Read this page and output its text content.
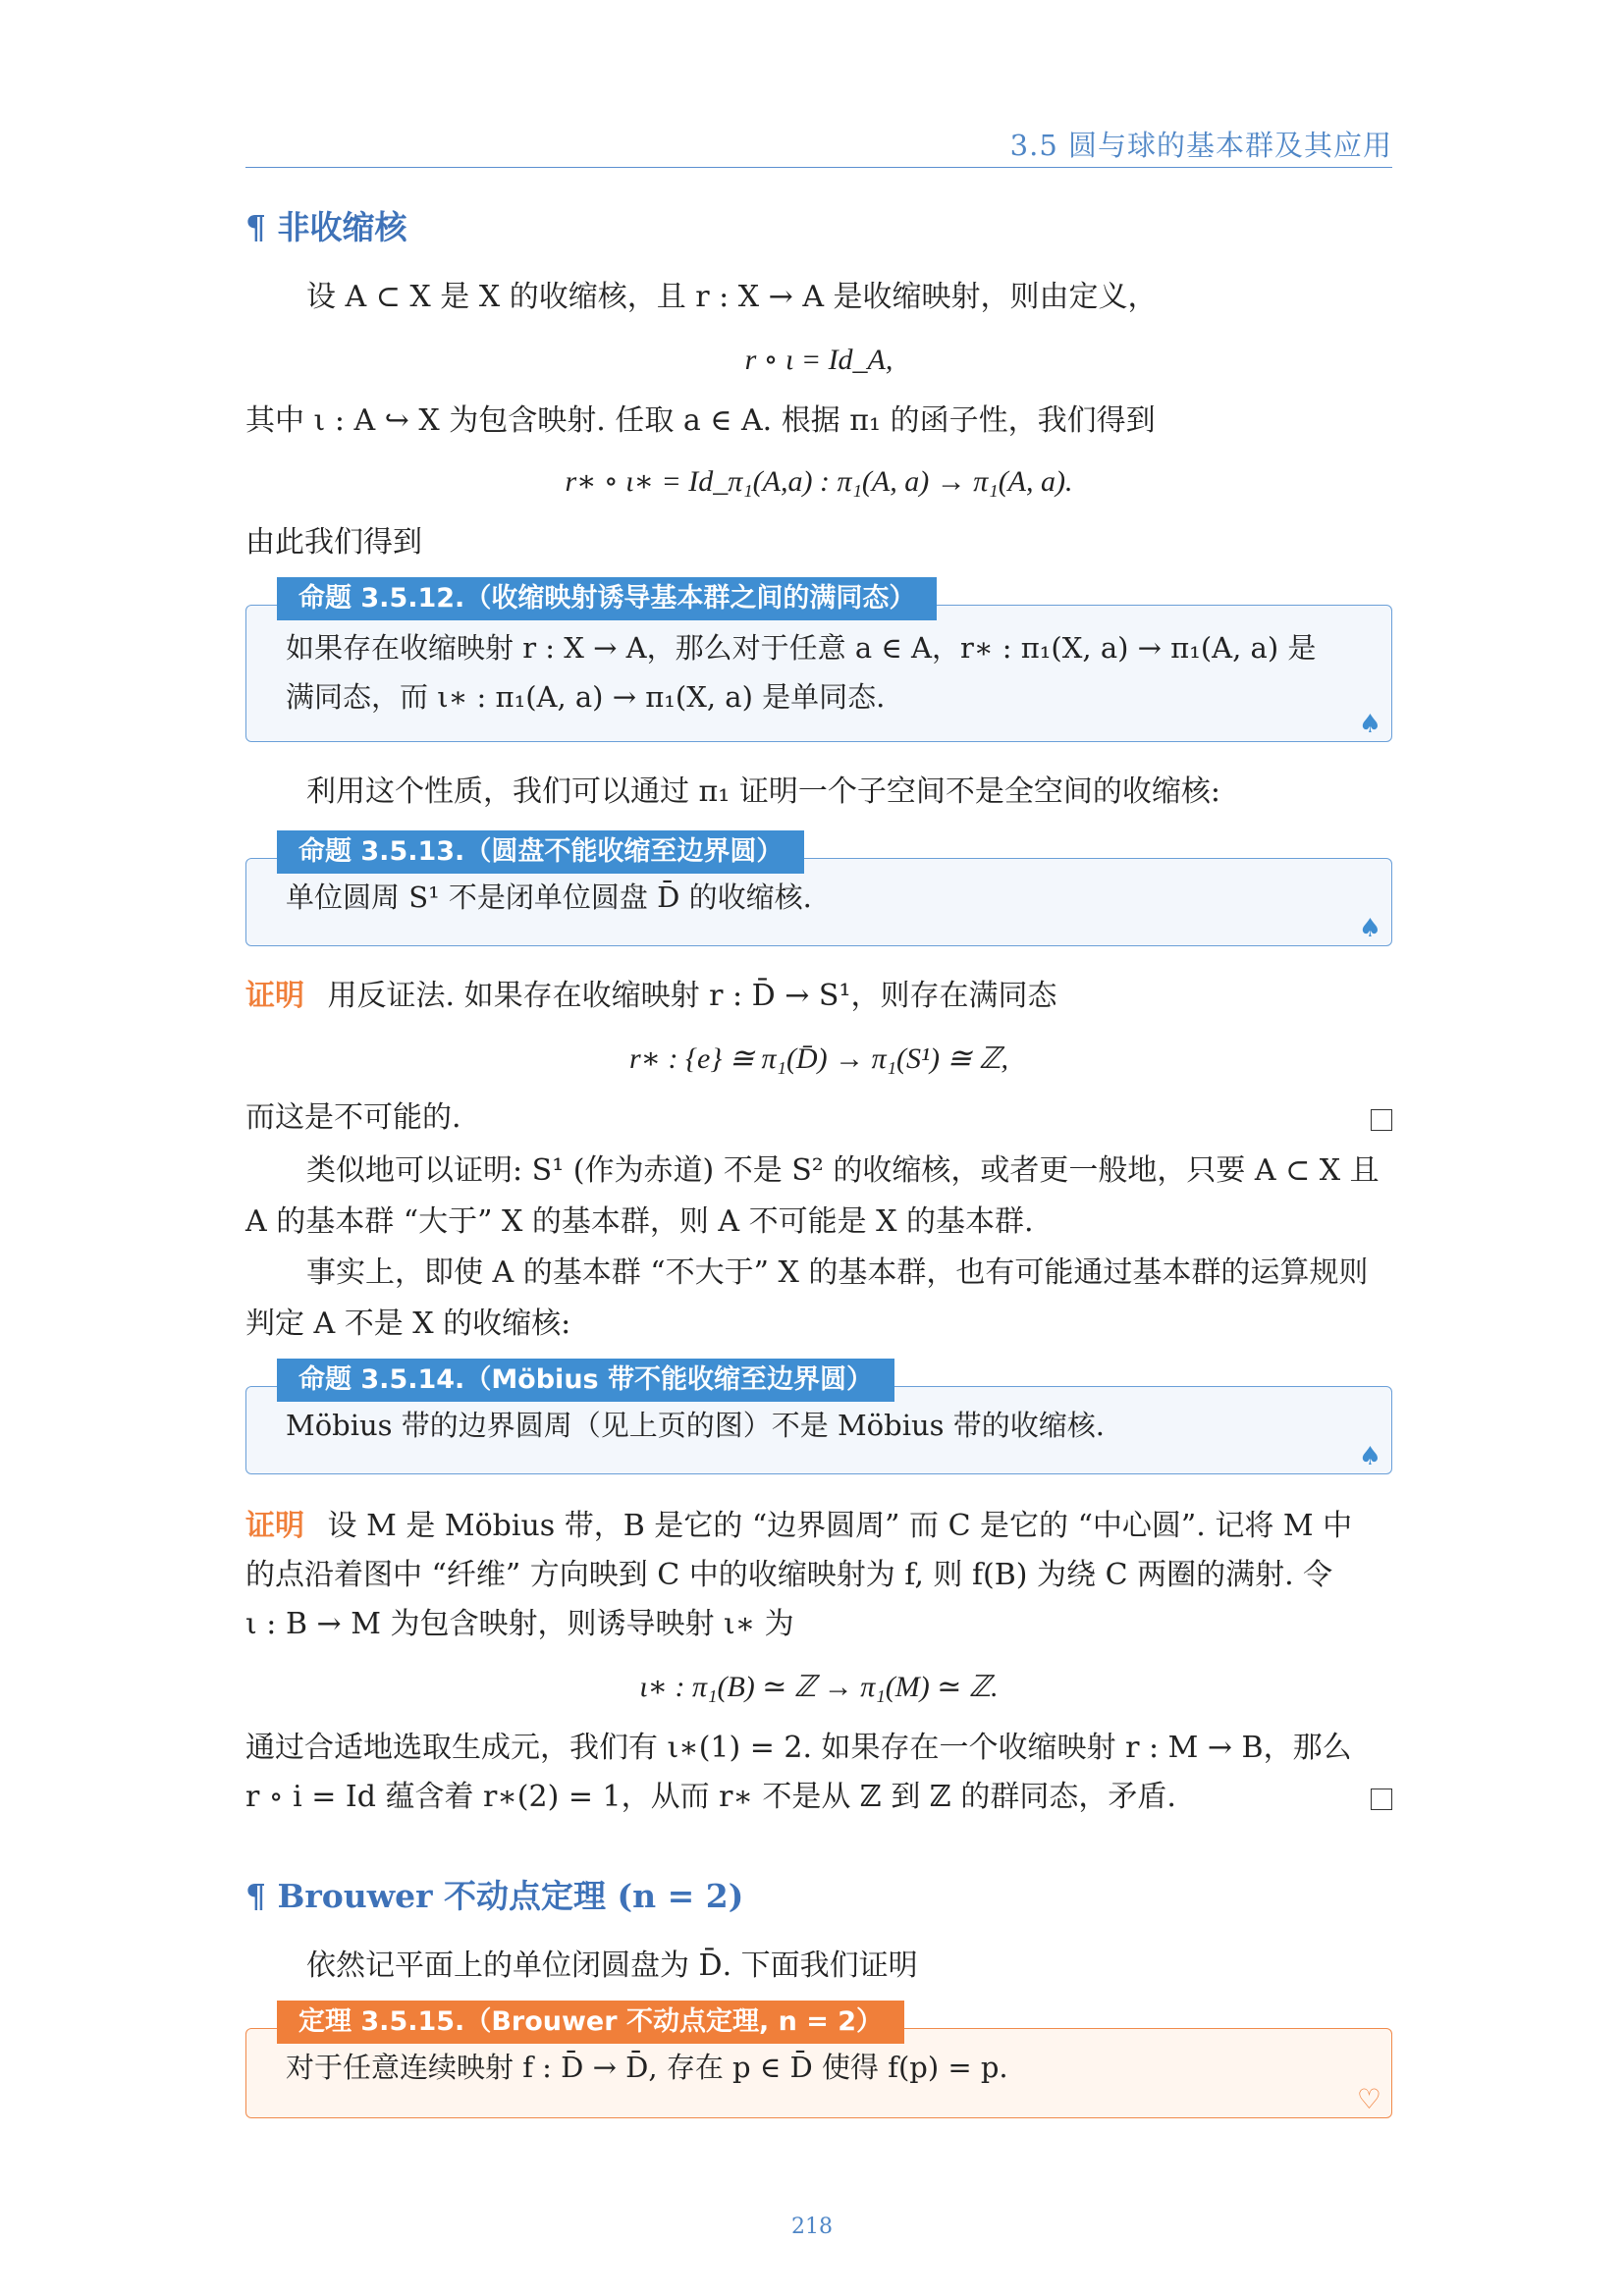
3.5 圆与球的基本群及其应用
¶ 非收缩核
设 A ⊂ X 是 X 的收缩核，且 r : X → A 是收缩映射，则由定义，
r ∘ ι = Id_A,
其中 ι : A ↪ X 为包含映射. 任取 a ∈ A. 根据 π₁ 的函子性，我们得到
r∗ ∘ ι∗ = Id_π₁(A,a) : π₁(A, a) → π₁(A, a).
由此我们得到
如果存在收缩映射 r : X → A，那么对于任意 a ∈ A，r∗ : π₁(X, a) → π₁(A, a) 是
满同态，而 ι∗ : π₁(A, a) → π₁(X, a) 是单同态.
♠
命题 3.5.12.（收缩映射诱导基本群之间的满同态）
利用这个性质，我们可以通过 π₁ 证明一个子空间不是全空间的收缩核:
单位圆周 S¹ 不是闭单位圆盘 D̄ 的收缩核.
♠
命题 3.5.13.（圆盘不能收缩至边界圆）
证明 用反证法. 如果存在收缩映射 r : D̄ → S¹，则存在满同态
r∗ : {e} ≅ π₁(D̄) → π₁(S¹) ≅ ℤ,
而这是不可能的.
类似地可以证明: S¹ (作为赤道) 不是 S² 的收缩核，或者更一般地，只要 A ⊂ X 且
A 的基本群 “大于” X 的基本群，则 A 不可能是 X 的基本群.
事实上，即使 A 的基本群 “不大于” X 的基本群，也有可能通过基本群的运算规则
判定 A 不是 X 的收缩核:
Möbius 带的边界圆周（见上页的图）不是 Möbius 带的收缩核.
♠
命题 3.5.14.（Möbius 带不能收缩至边界圆）
证明 设 M 是 Möbius 带，B 是它的 “边界圆周” 而 C 是它的 “中心圆”. 记将 M 中
的点沿着图中 “纤维” 方向映到 C 中的收缩映射为 f, 则 f(B) 为绕 C 两圈的满射. 令
ι : B → M 为包含映射，则诱导映射 ι∗ 为
ι∗ : π₁(B) ≃ ℤ → π₁(M) ≃ ℤ.
通过合适地选取生成元，我们有 ι∗(1) = 2. 如果存在一个收缩映射 r : M → B，那么
r ∘ i = Id 蕴含着 r∗(2) = 1，从而 r∗ 不是从 ℤ 到 ℤ 的群同态，矛盾.
¶ Brouwer 不动点定理 (n = 2)
依然记平面上的单位闭圆盘为 D̄. 下面我们证明
对于任意连续映射 f : D̄ → D̄, 存在 p ∈ D̄ 使得 f(p) = p.
♡
定理 3.5.15.（Brouwer 不动点定理, n = 2）
218
